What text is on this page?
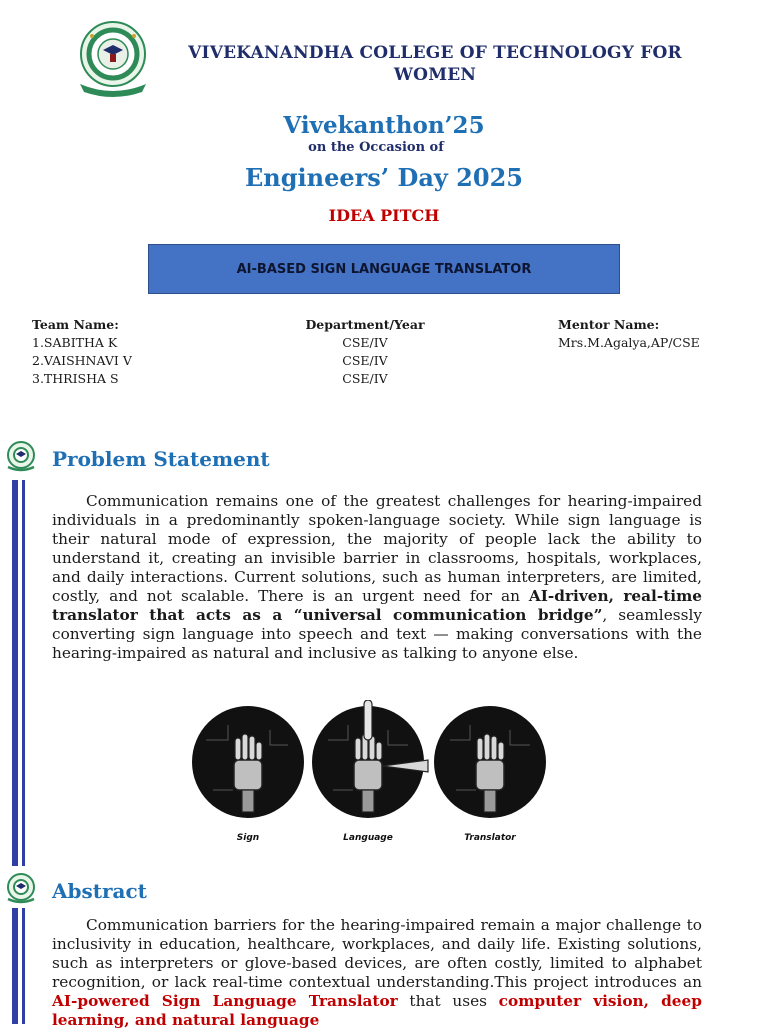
VIVEKANANDHA COLLEGE OF TECHNOLOGY FOR WOMEN
Vivekanthon’25
on the Occasion of
Engineers’ Day 2025
IDEA PITCH
AI-BASED SIGN LANGUAGE TRANSLATOR
Team Name:
1.SABITHA K
2.VAISHNAVI V
3.THRISHA S
Department/Year
CSE/IV
CSE/IV
CSE/IV
Mentor Name:
Mrs.M.Agalya,AP/CSE
Problem Statement

Communication remains one of the greatest challenges for hearing-impaired individuals in a predominantly spoken-language society. While sign language is their natural mode of expression, the majority of people lack the ability to understand it, creating an invisible barrier in classrooms, hospitals, workplaces, and daily interactions. Current solutions, such as human interpreters, are limited, costly, and not scalable. There is an urgent need for an AI-driven, real-time translator that acts as a “universal communication bridge”, seamlessly converting sign language into speech and text — making conversations with the hearing-impaired as natural and inclusive as talking to anyone else.

Sign	Language	Translator
Abstract

Communication barriers for the hearing-impaired remain a major challenge to inclusivity in education, healthcare, workplaces, and daily life. Existing solutions, such as interpreters or glove-based devices, are often costly, limited to alphabet recognition, or lack real-time contextual understanding.This project introduces an AI-powered Sign Language Translator that uses computer vision, deep learning, and natural language
